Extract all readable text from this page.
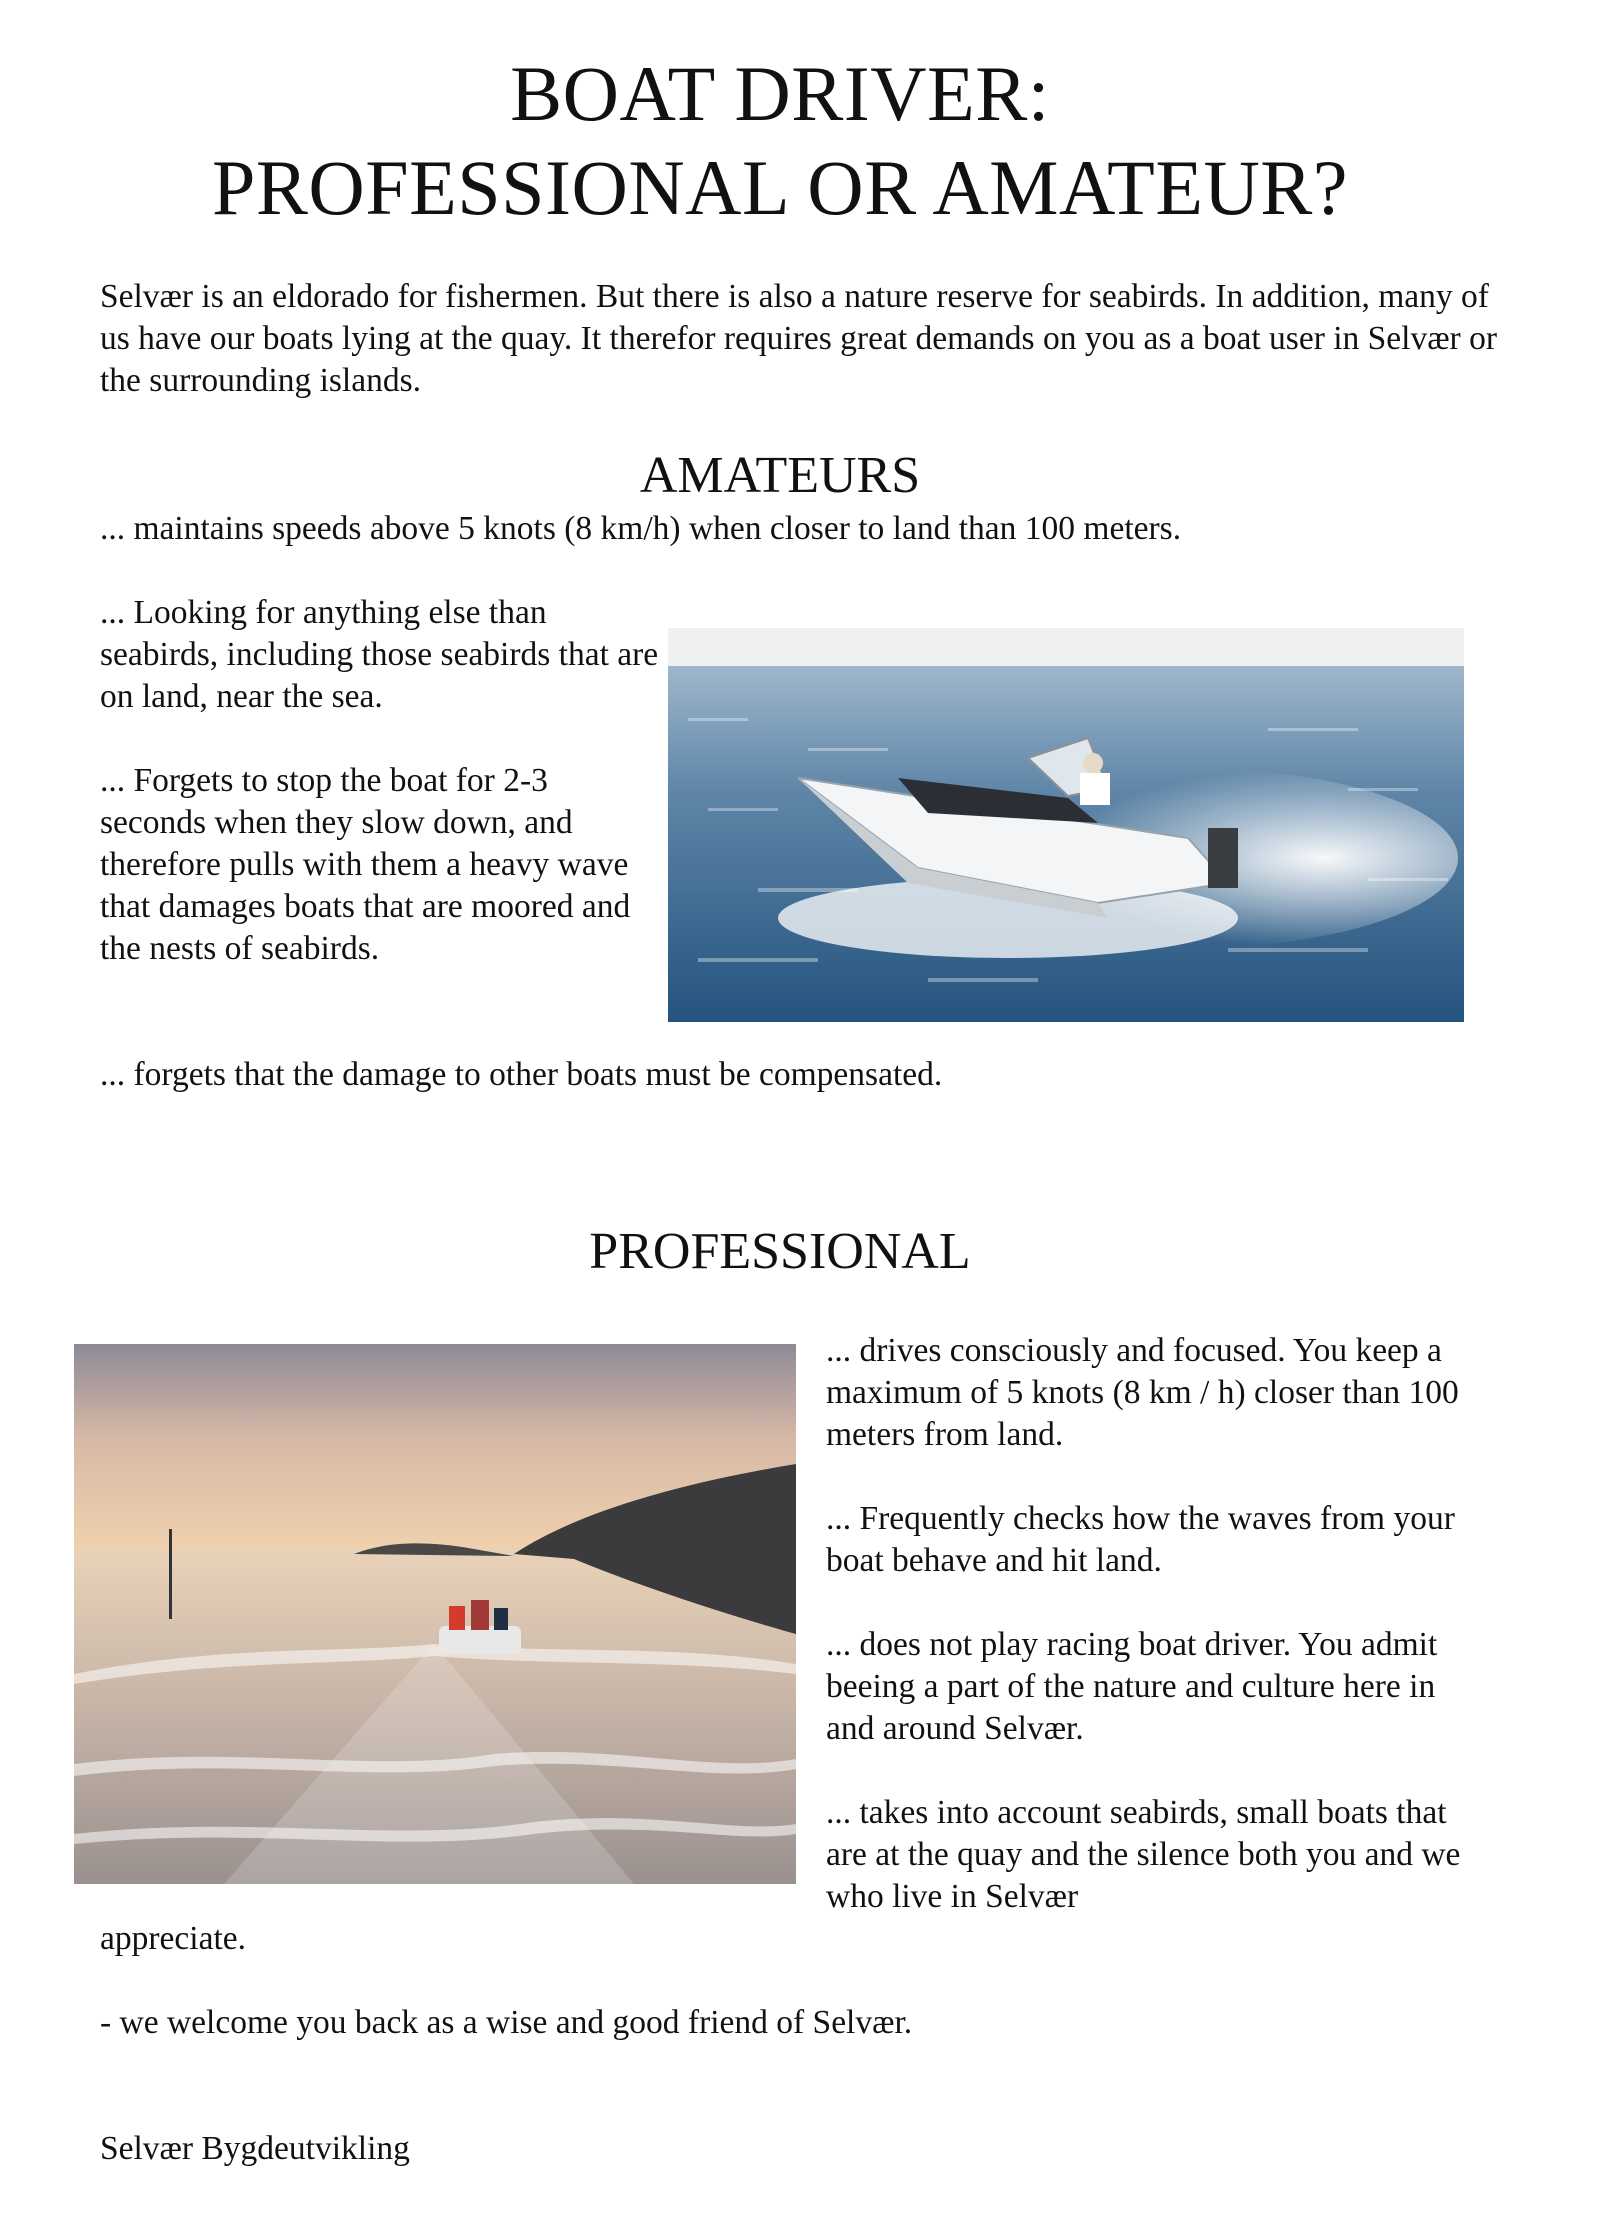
BOAT DRIVER:
PROFESSIONAL OR AMATEUR?
Selvær is an eldorado for fishermen. But there is also a nature reserve for seabirds. In addition, many of us have our boats lying at the quay. It therefor requires great demands on you as a boat user in Selvær or the surrounding islands.
AMATEURS
... maintains speeds above 5 knots (8 km/h) when closer to land than 100 meters.
... Looking for anything else than seabirds, including those seabirds that are on land, near the sea.
... Forgets to stop the boat for 2-3 seconds when they slow down, and therefore pulls with them a heavy wave that damages boats that are moored and the nests of seabirds.
... forgets that the damage to other boats must be compensated.
PROFESSIONAL
... drives consciously and focused. You keep a maximum of 5 knots (8 km / h) closer than 100 meters from land.
... Frequently checks how the waves from your boat behave and hit land.
... does not play racing boat driver. You admit beeing a part of the nature and culture here in and around Selvær.
... takes into account seabirds, small boats that are at the quay and the silence both you and we who live in Selvær
appreciate.
- we welcome you back as a wise and good friend of Selvær.
Selvær Bygdeutvikling
